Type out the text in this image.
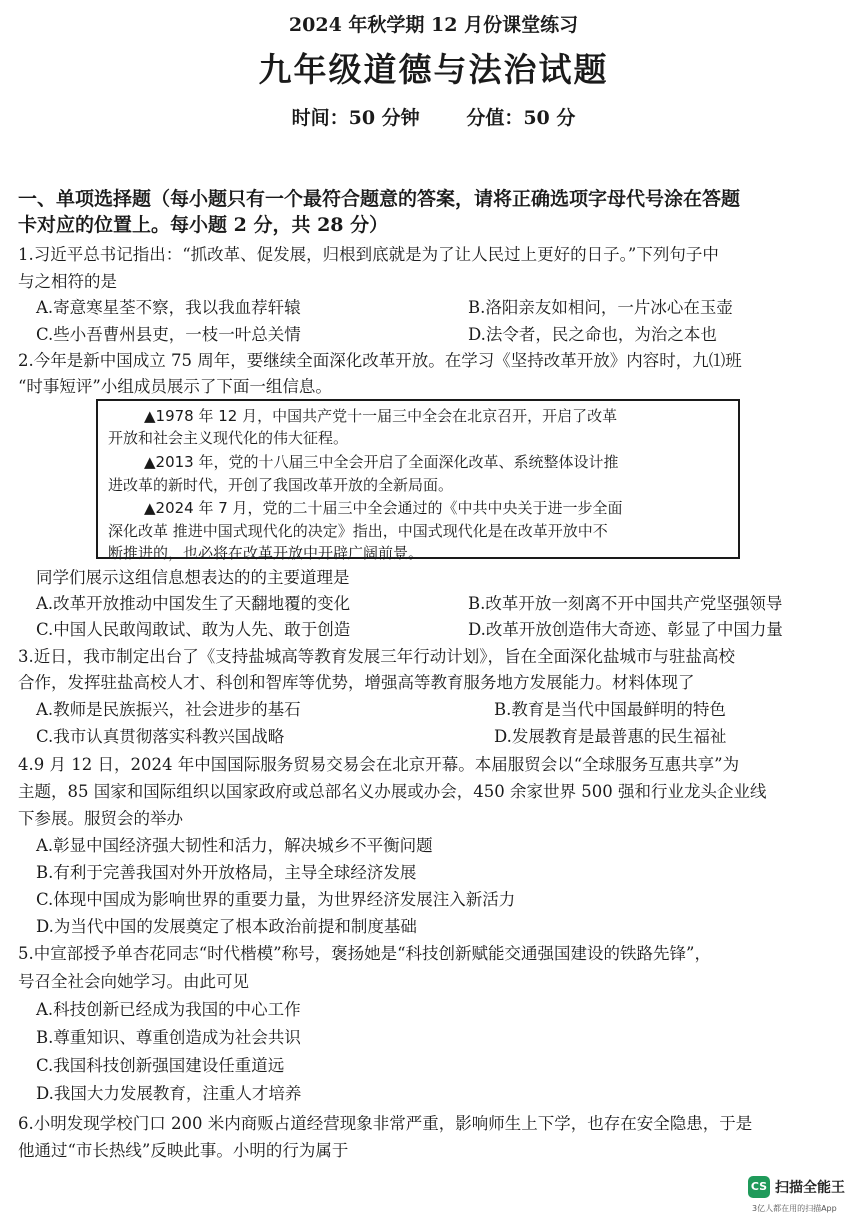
2024 年秋学期 12 月份课堂练习
九年级道德与法治试题
时间：50 分钟 分值：50 分
一、单项选择题（每小题只有一个最符合题意的答案，请将正确选项字母代号涂在答题
卡对应的位置上。每小题 2 分，共 28 分）
1.习近平总书记指出：“抓改革、促发展，归根到底就是为了让人民过上更好的日子。”下列句子中
与之相符的是
A.寄意寒星荃不察，我以我血荐轩辕	B.洛阳亲友如相问，一片冰心在玉壶
C.些小吾曹州县吏，一枝一叶总关情	D.法令者，民之命也，为治之本也
2.今年是新中国成立 75 周年，要继续全面深化改革开放。在学习《坚持改革开放》内容时，九⑴班
“时事短评”小组成员展示了下面一组信息。
▲1978 年 12 月，中国共产党十一届三中全会在北京召开，开启了改革
开放和社会主义现代化的伟大征程。
▲2013 年，党的十八届三中全会开启了全面深化改革、系统整体设计推
进改革的新时代，开创了我国改革开放的全新局面。
▲2024 年 7 月，党的二十届三中全会通过的《中共中央关于进一步全面
深化改革 推进中国式现代化的决定》指出，中国式现代化是在改革开放中不
断推进的，也必将在改革开放中开辟广阔前景。
同学们展示这组信息想表达的的主要道理是
A.改革开放推动中国发生了天翻地覆的变化	B.改革开放一刻离不开中国共产党坚强领导
C.中国人民敢闯敢试、敢为人先、敢于创造	D.改革开放创造伟大奇迹、彰显了中国力量
3.近日，我市制定出台了《支持盐城高等教育发展三年行动计划》，旨在全面深化盐城市与驻盐高校
合作，发挥驻盐高校人才、科创和智库等优势，增强高等教育服务地方发展能力。材料体现了
A.教师是民族振兴，社会进步的基石	B.教育是当代中国最鲜明的特色
C.我市认真贯彻落实科教兴国战略	D.发展教育是最普惠的民生福祉
4.9 月 12 日，2024 年中国国际服务贸易交易会在北京开幕。本届服贸会以“全球服务互惠共享”为
主题，85 国家和国际组织以国家政府或总部名义办展或办会，450 余家世界 500 强和行业龙头企业线
下参展。服贸会的举办
A.彰显中国经济强大韧性和活力，解决城乡不平衡问题
B.有利于完善我国对外开放格局，主导全球经济发展
C.体现中国成为影响世界的重要力量，为世界经济发展注入新活力
D.为当代中国的发展奠定了根本政治前提和制度基础
5.中宣部授予单杏花同志“时代楷模”称号，褒扬她是“科技创新赋能交通强国建设的铁路先锋”，
号召全社会向她学习。由此可见
A.科技创新已经成为我国的中心工作
B.尊重知识、尊重创造成为社会共识
C.我国科技创新强国建设任重道远
D.我国大力发展教育，注重人才培养
6.小明发现学校门口 200 米内商贩占道经营现象非常严重，影响师生上下学，也存在安全隐患，于是
他通过“市长热线”反映此事。小明的行为属于
CS 扫描全能王
3亿人都在用的扫描App
